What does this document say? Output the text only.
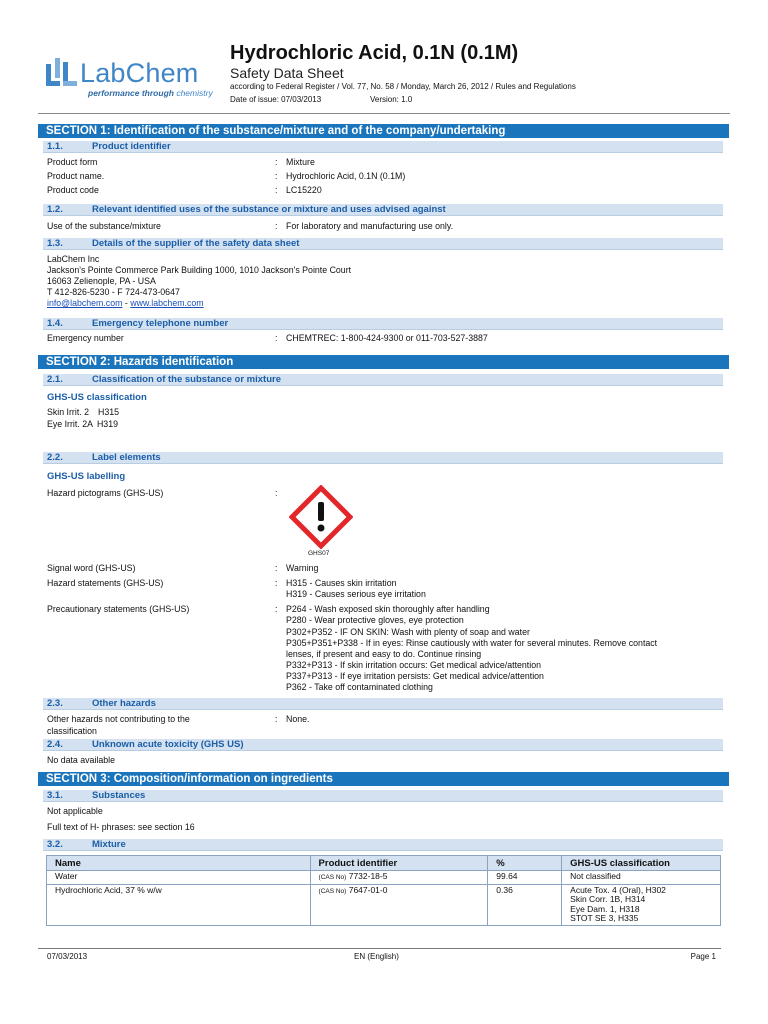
LabChem
performance through chemistry
Hydrochloric Acid, 0.1N (0.1M)
Safety Data Sheet
according to Federal Register / Vol. 77, No. 58 / Monday, March 26, 2012 / Rules and Regulations
Date of issue: 07/03/2013	Version: 1.0
SECTION 1: Identification of the substance/mixture and of the company/undertaking
1.1.	Product identifier
Product form	: Mixture
Product name.	: Hydrochloric Acid, 0.1N (0.1M)
Product code	: LC15220
1.2.	Relevant identified uses of the substance or mixture and uses advised against
Use of the substance/mixture	: For laboratory and manufacturing use only.
1.3.	Details of the supplier of the safety data sheet
LabChem Inc
Jackson's Pointe Commerce Park Building 1000, 1010 Jackson's Pointe Court
16063 Zelienople, PA - USA
T 412-826-5230 - F 724-473-0647
info@labchem.com - www.labchem.com
1.4.	Emergency telephone number
Emergency number	: CHEMTREC: 1-800-424-9300 or 011-703-527-3887
SECTION 2: Hazards identification
2.1.	Classification of the substance or mixture
GHS-US classification
Skin Irrit. 2 H315
Eye Irrit. 2A H319
2.2.	Label elements
GHS-US labelling
Hazard pictograms (GHS-US)	:
GHS07
Signal word (GHS-US)	: Warning
Hazard statements (GHS-US)	: H315 - Causes skin irritation
H319 - Causes serious eye irritation
Precautionary statements (GHS-US)	: P264 - Wash exposed skin thoroughly after handling
P280 - Wear protective gloves, eye protection
P302+P352 - IF ON SKIN: Wash with plenty of soap and water
P305+P351+P338 - If in eyes: Rinse cautiously with water for several minutes. Remove contact
lenses, if present and easy to do. Continue rinsing
P332+P313 - If skin irritation occurs: Get medical advice/attention
P337+P313 - If eye irritation persists: Get medical advice/attention
P362 - Take off contaminated clothing
2.3.	Other hazards
Other hazards not contributing to the
classification
: None.
2.4.	Unknown acute toxicity (GHS US)
No data available
SECTION 3: Composition/information on ingredients
3.1.	Substances
Not applicable
Full text of H- phrases: see section 16
3.2.	Mixture
Name	Product identifier	%	GHS-US classification
Water	(CAS No) 7732-18-5	99.64	Not classified

Hydrochloric Acid, 37 % w/w	(CAS No) 7647-01-0	0.36	Acute Tox. 4 (Oral), H302
Skin Corr. 1B, H314
Eye Dam. 1, H318
STOT SE 3, H335
07/03/2013	EN (English)	Page 1
